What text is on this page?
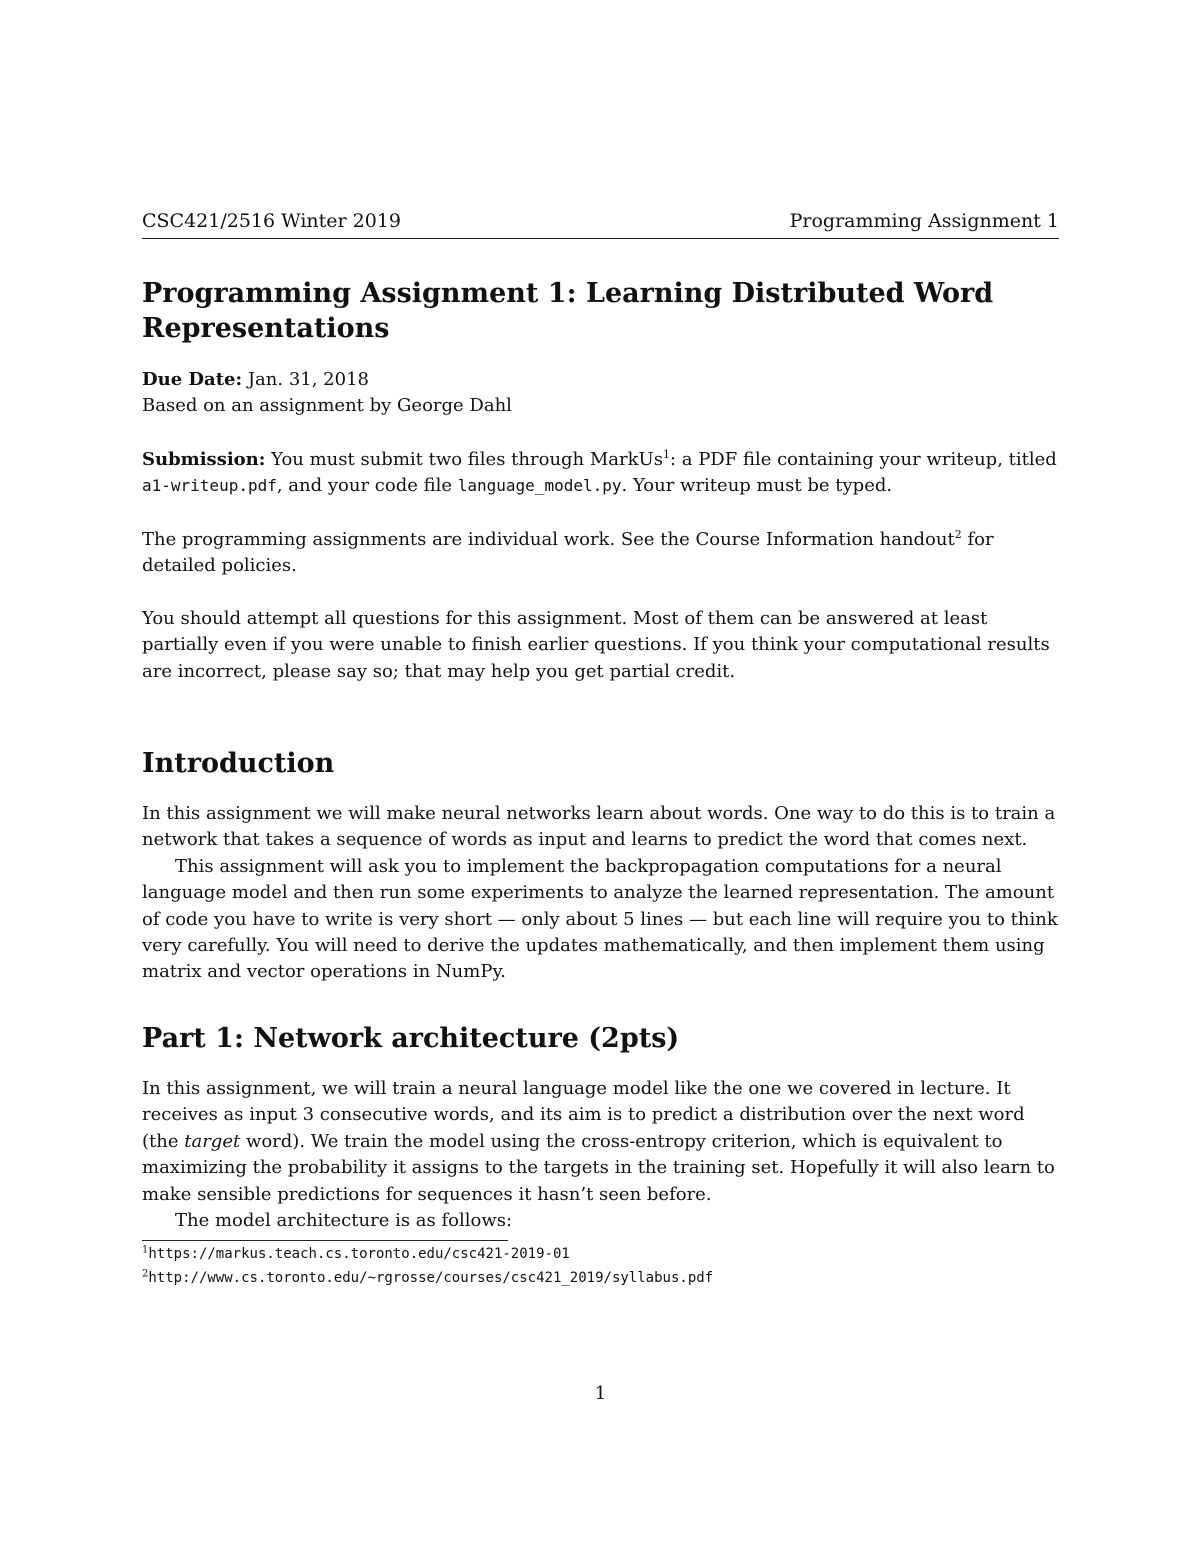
CSC421/2516 Winter 2019	Programming Assignment 1
Programming Assignment 1: Learning Distributed Word Representations

Due Date: Jan. 31, 2018

Based on an assignment by George Dahl

Submission: You must submit two files through MarkUs$^1$: a PDF file containing your writeup, titled a1-writeup.pdf, and your code file language_model.py. Your writeup must be typed.

The programming assignments are individual work. See the Course Information handout$^2$ for detailed policies.

You should attempt all questions for this assignment. Most of them can be answered at least partially even if you were unable to finish earlier questions. If you think your computational results are incorrect, please say so; that may help you get partial credit.

Introduction

In this assignment we will make neural networks learn about words. One way to do this is to train a network that takes a sequence of words as input and learns to predict the word that comes next.

This assignment will ask you to implement the backpropagation computations for a neural language model and then run some experiments to analyze the learned representation. The amount of code you have to write is very short — only about 5 lines — but each line will require you to think very carefully. You will need to derive the updates mathematically, and then implement them using matrix and vector operations in NumPy.

Part 1: Network architecture (2pts)

In this assignment, we will train a neural language model like the one we covered in lecture. It receives as input 3 consecutive words, and its aim is to predict a distribution over the next word (the target word). We train the model using the cross-entropy criterion, which is equivalent to maximizing the probability it assigns to the targets in the training set. Hopefully it will also learn to make sensible predictions for sequences it hasn’t seen before.

The model architecture is as follows:

$^1$https://markus.teach.cs.toronto.edu/csc421-2019-01
$^2$http://www.cs.toronto.edu/~rgrosse/courses/csc421_2019/syllabus.pdf
1
